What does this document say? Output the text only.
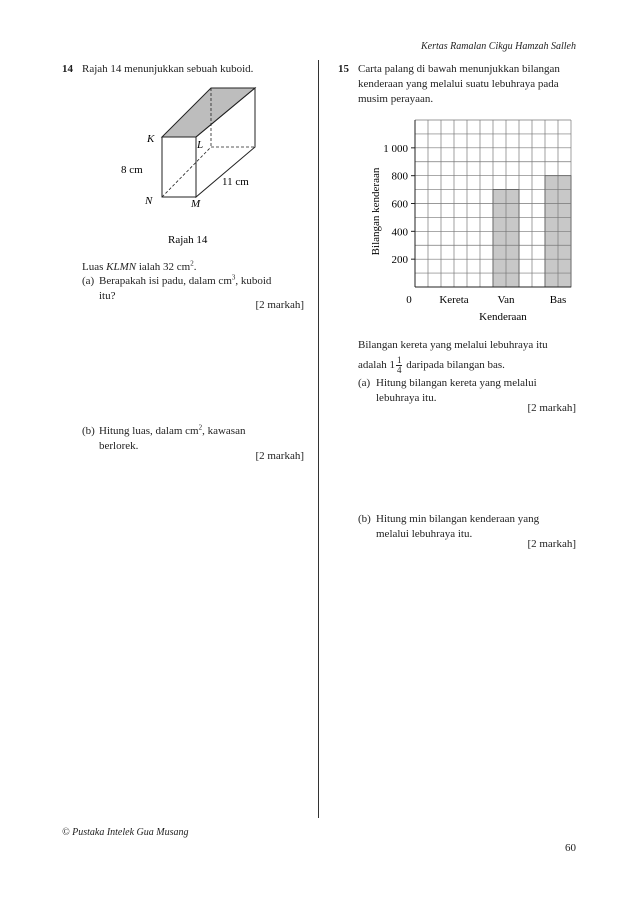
Kertas Ramalan Cikgu Hamzah Salleh
14 Rajah 14 menunjukkan sebuah kuboid.
K	L
N	M
8 cm
11 cm
Rajah 14
Luas KLMN ialah 32 $cm^2$.
(a) Berapakah isi padu, dalam $cm^3$, kuboid
itu?
[2 markah]
(b) Hitung luas, dalam $cm^2$, kawasan
berlorek.
[2 markah]
15 Carta palang di bawah menunjukkan bilangan
kenderaan yang melalui suatu lebuhraya pada
musim perayaan.
200
400
600
800
1 000
Kereta	Van	Bas
Kenderaan
Bilangan kenderaan
0
Bilangan kereta yang melalui lebuhraya itu
adalah $1 \frac{1}{4}$ daripada bilangan bas.
(a) Hitung bilangan kereta yang melalui
lebuhraya itu.
[2 markah]
(b) Hitung min bilangan kenderaan yang
melalui lebuhraya itu.
[2 markah]
© Pustaka Intelek Gua Musang
60
